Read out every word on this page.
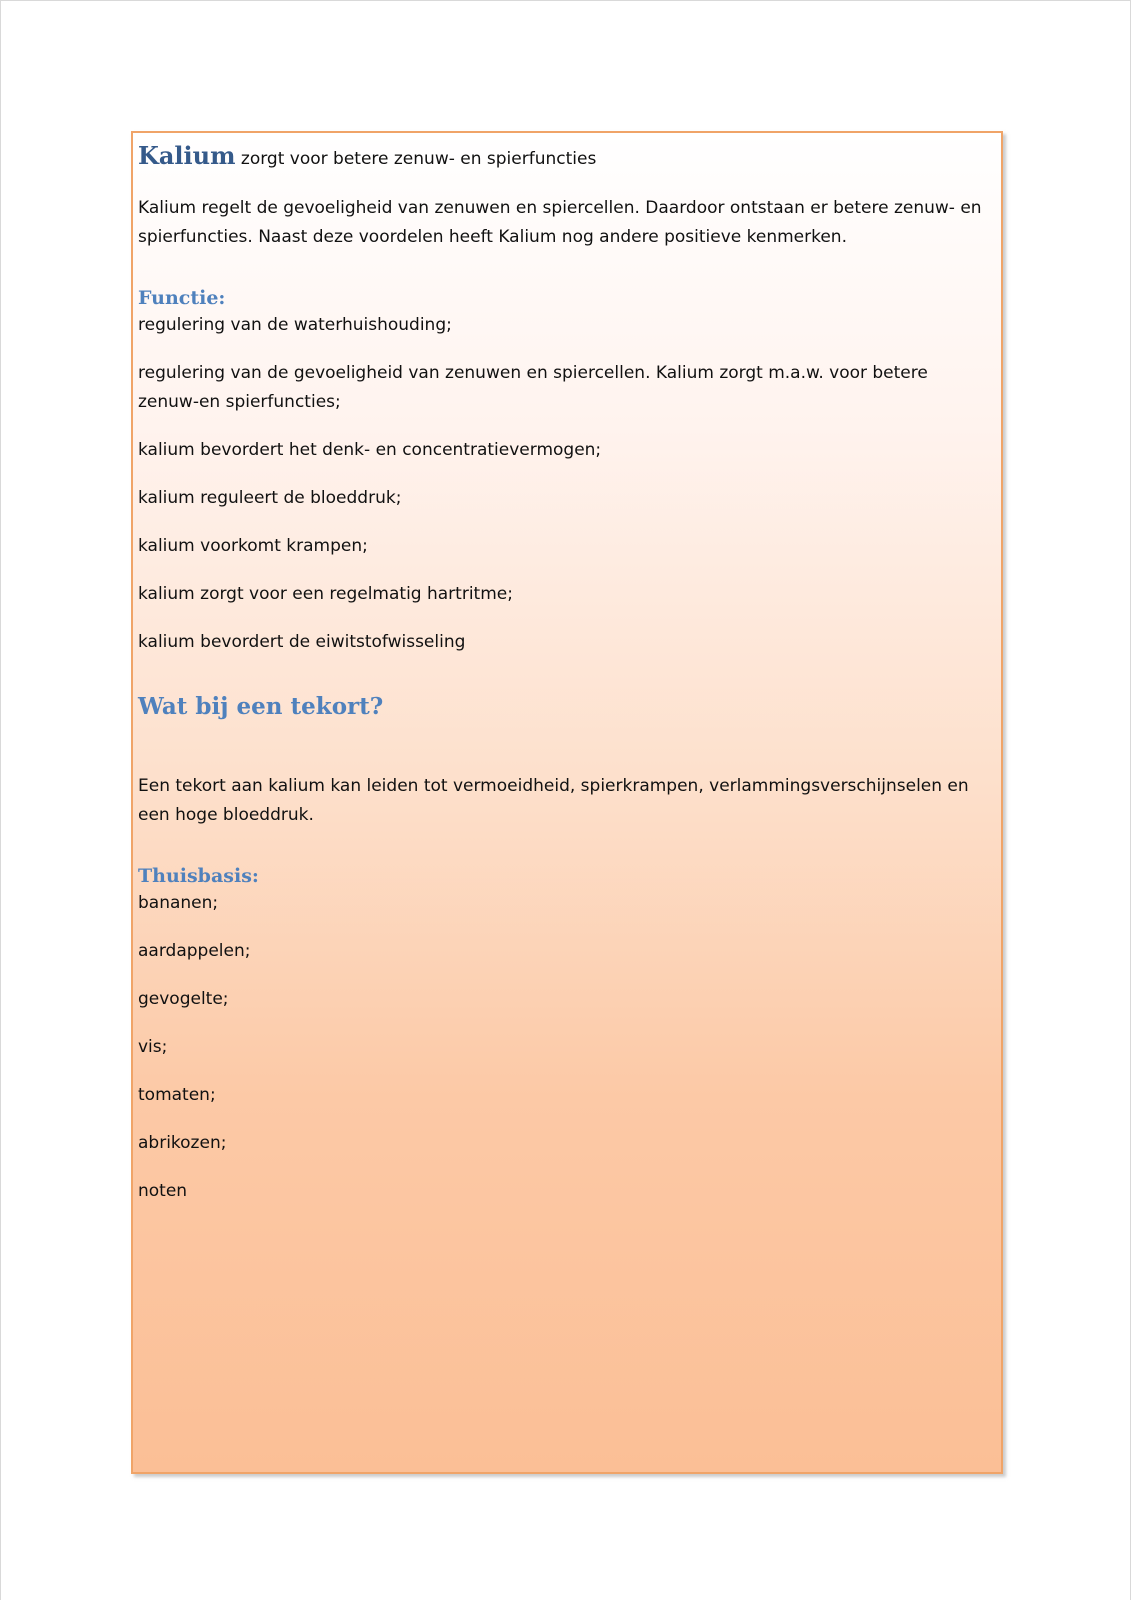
Kalium zorgt voor betere zenuw- en spierfuncties

Kalium regelt de gevoeligheid van zenuwen en spiercellen. Daardoor ontstaan er betere zenuw- en spierfuncties. Naast deze voordelen heeft Kalium nog andere positieve kenmerken.

Functie:
regulering van de waterhuishouding;
regulering van de gevoeligheid van zenuwen en spiercellen. Kalium zorgt m.a.w. voor betere zenuw-en spierfuncties;
kalium bevordert het denk- en concentratievermogen;
kalium reguleert de bloeddruk;
kalium voorkomt krampen;
kalium zorgt voor een regelmatig hartritme;
kalium bevordert de eiwitstofwisseling
Wat bij een tekort?

Een tekort aan kalium kan leiden tot vermoeidheid, spierkrampen, verlammingsverschijnselen en een hoge bloeddruk.

Thuisbasis:
bananen;
aardappelen;
gevogelte;
vis;
tomaten;
abrikozen;
noten
